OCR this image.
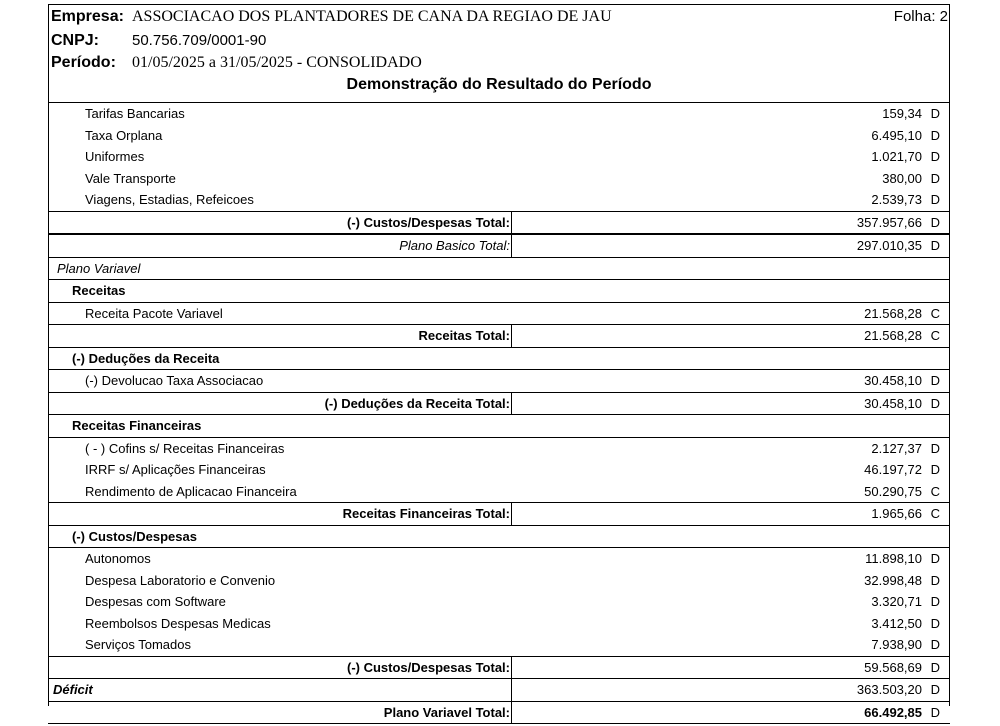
Empresa: ASSOCIACAO DOS PLANTADORES DE CANA DA REGIAO DE JAU	Folha: 2
CNPJ: 50.756.709/0001-90
Período: 01/05/2025 a 31/05/2025 - CONSOLIDADO
Demonstração do Resultado do Período
Tarifas Bancarias	159,34 D
Taxa Orplana	6.495,10 D
Uniformes	1.021,70 D
Vale Transporte	380,00 D
Viagens, Estadias, Refeicoes	2.539,73 D
(-) Custos/Despesas Total:	357.957,66 D
Plano Basico Total:	297.010,35 D
Plano Variavel
Receitas
Receita Pacote Variavel	21.568,28 C
Receitas Total:	21.568,28 C
(-) Deduções da Receita
(-) Devolucao Taxa Associacao	30.458,10 D
(-) Deduções da Receita Total:	30.458,10 D
Receitas Financeiras
( - ) Cofins s/ Receitas Financeiras	2.127,37 D
IRRF s/ Aplicações Financeiras	46.197,72 D
Rendimento de Aplicacao Financeira	50.290,75 C
Receitas Financeiras Total:	1.965,66 C
(-) Custos/Despesas
Autonomos	11.898,10 D
Despesa Laboratorio e Convenio	32.998,48 D
Despesas com Software	3.320,71 D
Reembolsos Despesas Medicas	3.412,50 D
Serviços Tomados	7.938,90 D
(-) Custos/Despesas Total:	59.568,69 D
Déficit	363.503,20 D
Plano Variavel Total:	66.492,85 D
